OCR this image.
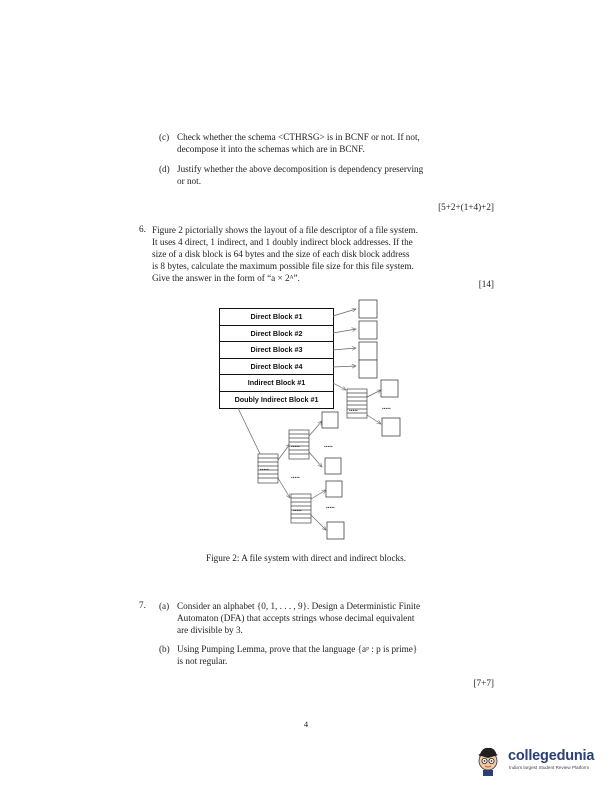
(c) Check whether the schema <CTHRSG> is in BCNF or not. If not,
decompose it into the schemas which are in BCNF.
(d) Justify whether the above decomposition is dependency preserving
or not.
[5+2+(1+4)+2]
6. Figure 2 pictorially shows the layout of a file descriptor of a file system.
It uses 4 direct, 1 indirect, and 1 doubly indirect block addresses. If the
size of a disk block is 64 bytes and the size of each disk block address
is 8 bytes, calculate the maximum possible file size for this file system.
Give the answer in the form of “a × 2ᴬ”.
[14]
Direct Block #1
Direct Block #2
Direct Block #3
Direct Block #4
Indirect Block #1
Doubly Indirect Block #1
.....	.....
.....
.....
.....
.....
.....	.....
Figure 2: A file system with direct and indirect blocks.
7. (a) Consider an alphabet {0, 1, . . . , 9}. Design a Deterministic Finite
Automaton (DFA) that accepts strings whose decimal equivalent
are divisible by 3.
(b) Using Pumping Lemma, prove that the language {aᵖ : p is prime}
is not regular.
[7+7]
4
collegedunia
India's largest Student Review Platform
